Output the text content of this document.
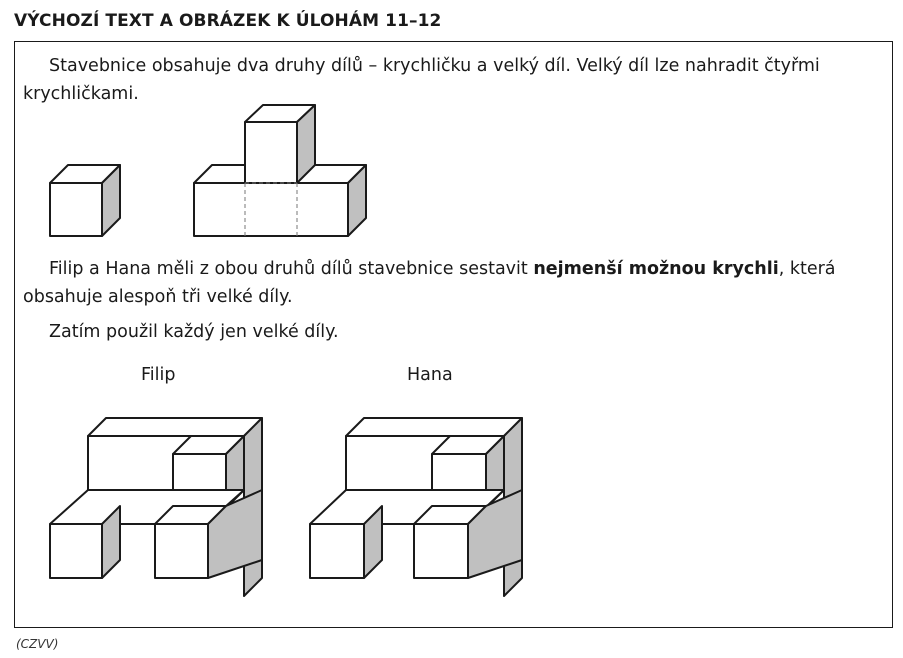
VÝCHOZÍ TEXT A OBRÁZEK K ÚLOHÁM 11–12

Stavebnice obsahuje dva druhy dílů – krychličku a velký díl. Velký díl lze nahradit čtyřmi krychličkami.

Filip a Hana měli z obou druhů dílů stavebnice sestavit nejmenší možnou krychli, která obsahuje alespoň tři velké díly.

Zatím použil každý jen velké díly.

Filip	Hana
(CZVV)
